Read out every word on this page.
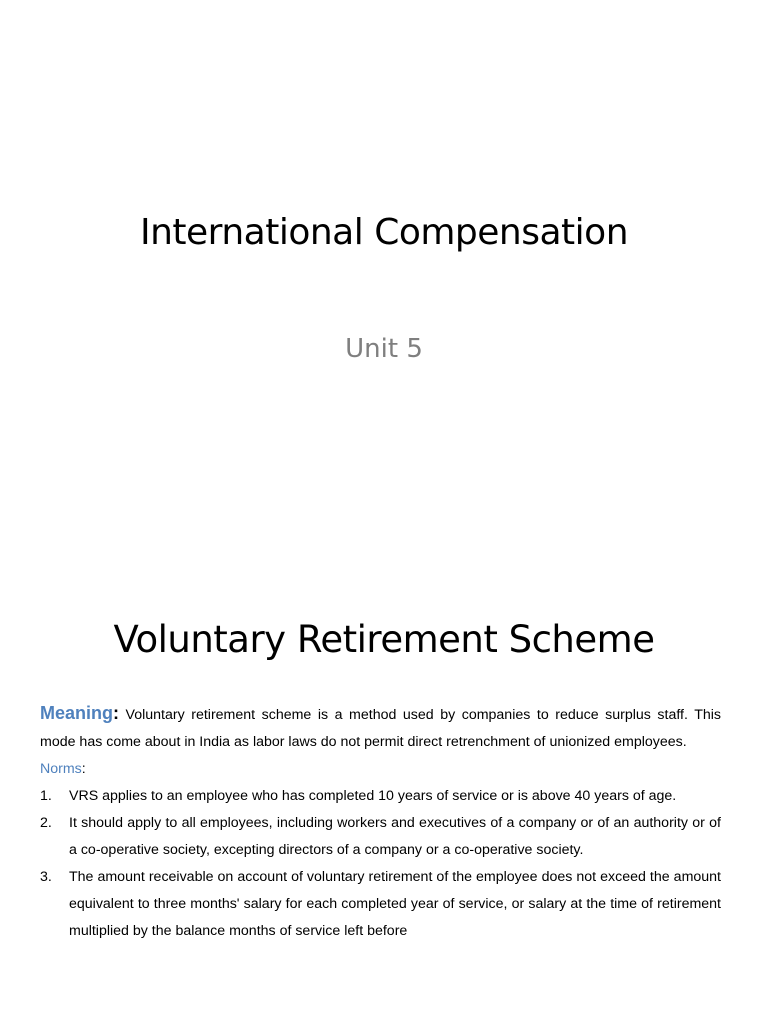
International Compensation
Unit 5
Voluntary Retirement Scheme

Meaning: Voluntary retirement scheme is a method used by companies to reduce surplus staff. This mode has come about in India as labor laws do not permit direct retrenchment of unionized employees.

Norms:
1. VRS applies to an employee who has completed 10 years of service or is above 40 years of age.
2. It should apply to all employees, including workers and executives of a company or of an authority or of a co-operative society, excepting directors of a company or a co-operative society.
3. The amount receivable on account of voluntary retirement of the employee does not exceed the amount equivalent to three months' salary for each completed year of service, or salary at the time of retirement multiplied by the balance months of service left before
